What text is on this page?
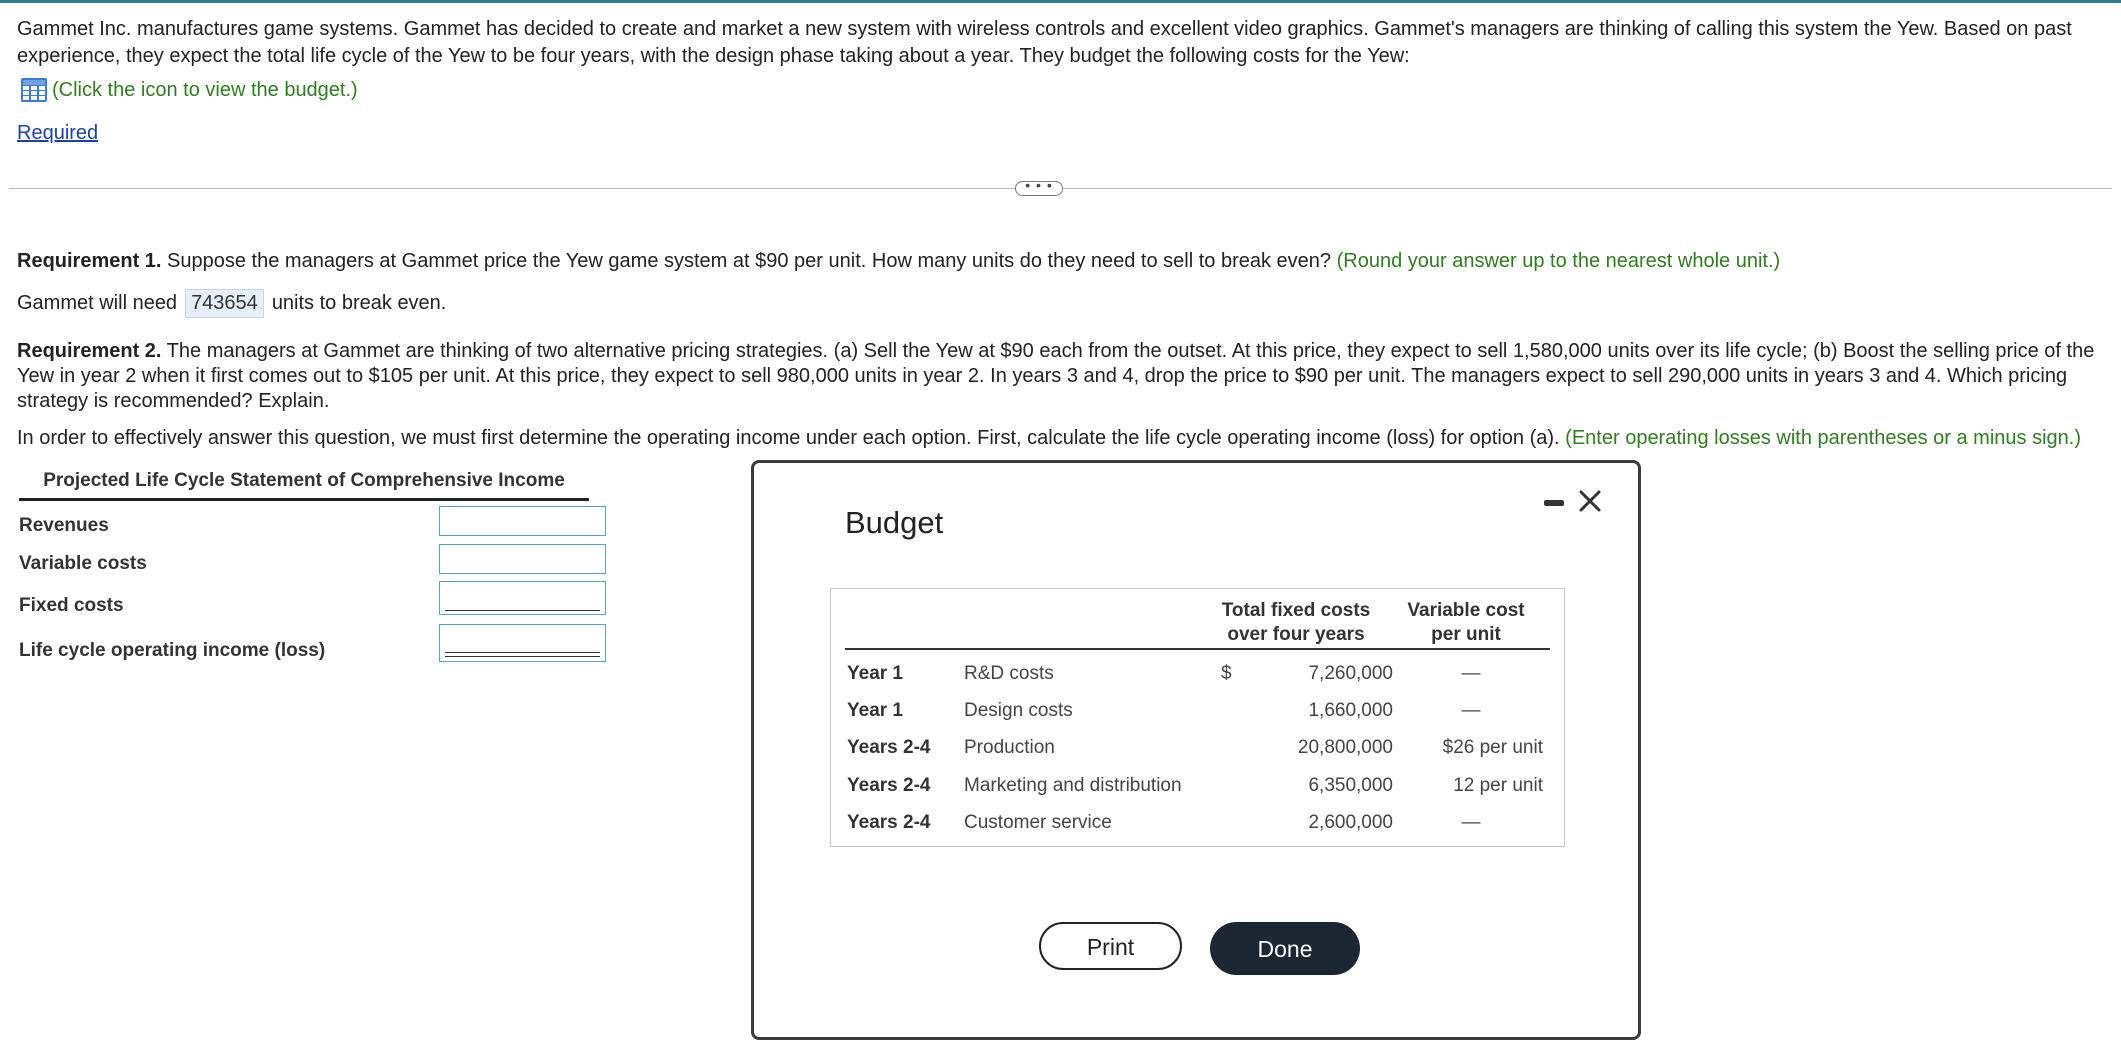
Gammet Inc. manufactures game systems. Gammet has decided to create and market a new system with wireless controls and excellent video graphics. Gammet's managers are thinking of calling this system the Yew. Based on past experience, they expect the total life cycle of the Yew to be four years, with the design phase taking about a year. They budget the following costs for the Yew:
(Click the icon to view the budget.)
Required
• • •
Requirement 1. Suppose the managers at Gammet price the Yew game system at $90 per unit. How many units do they need to sell to break even? (Round your answer up to the nearest whole unit.)
Gammet will need 743654 units to break even.
Requirement 2. The managers at Gammet are thinking of two alternative pricing strategies. (a) Sell the Yew at $90 each from the outset. At this price, they expect to sell 1,580,000 units over its life cycle; (b) Boost the selling price of the Yew in year 2 when it first comes out to $105 per unit. At this price, they expect to sell 980,000 units in year 2. In years 3 and 4, drop the price to $90 per unit. The managers expect to sell 290,000 units in years 3 and 4. Which pricing strategy is recommended? Explain.
In order to effectively answer this question, we must first determine the operating income under each option. First, calculate the life cycle operating income (loss) for option (a). (Enter operating losses with parentheses or a minus sign.)
Projected Life Cycle Statement of Comprehensive Income
Revenues
Variable costs
Fixed costs
Life cycle operating income (loss)
Budget
Total fixed costs
over four years
Variable cost
per unit
Year 1	R&D costs	$	7,260,000	—
Year 1	Design costs	1,660,000	—
Years 2-4 Production	20,800,000	$26 per unit
Years 2-4 Marketing and distribution	6,350,000	12 per unit
Years 2-4 Customer service	2,600,000	—
Print	Done
